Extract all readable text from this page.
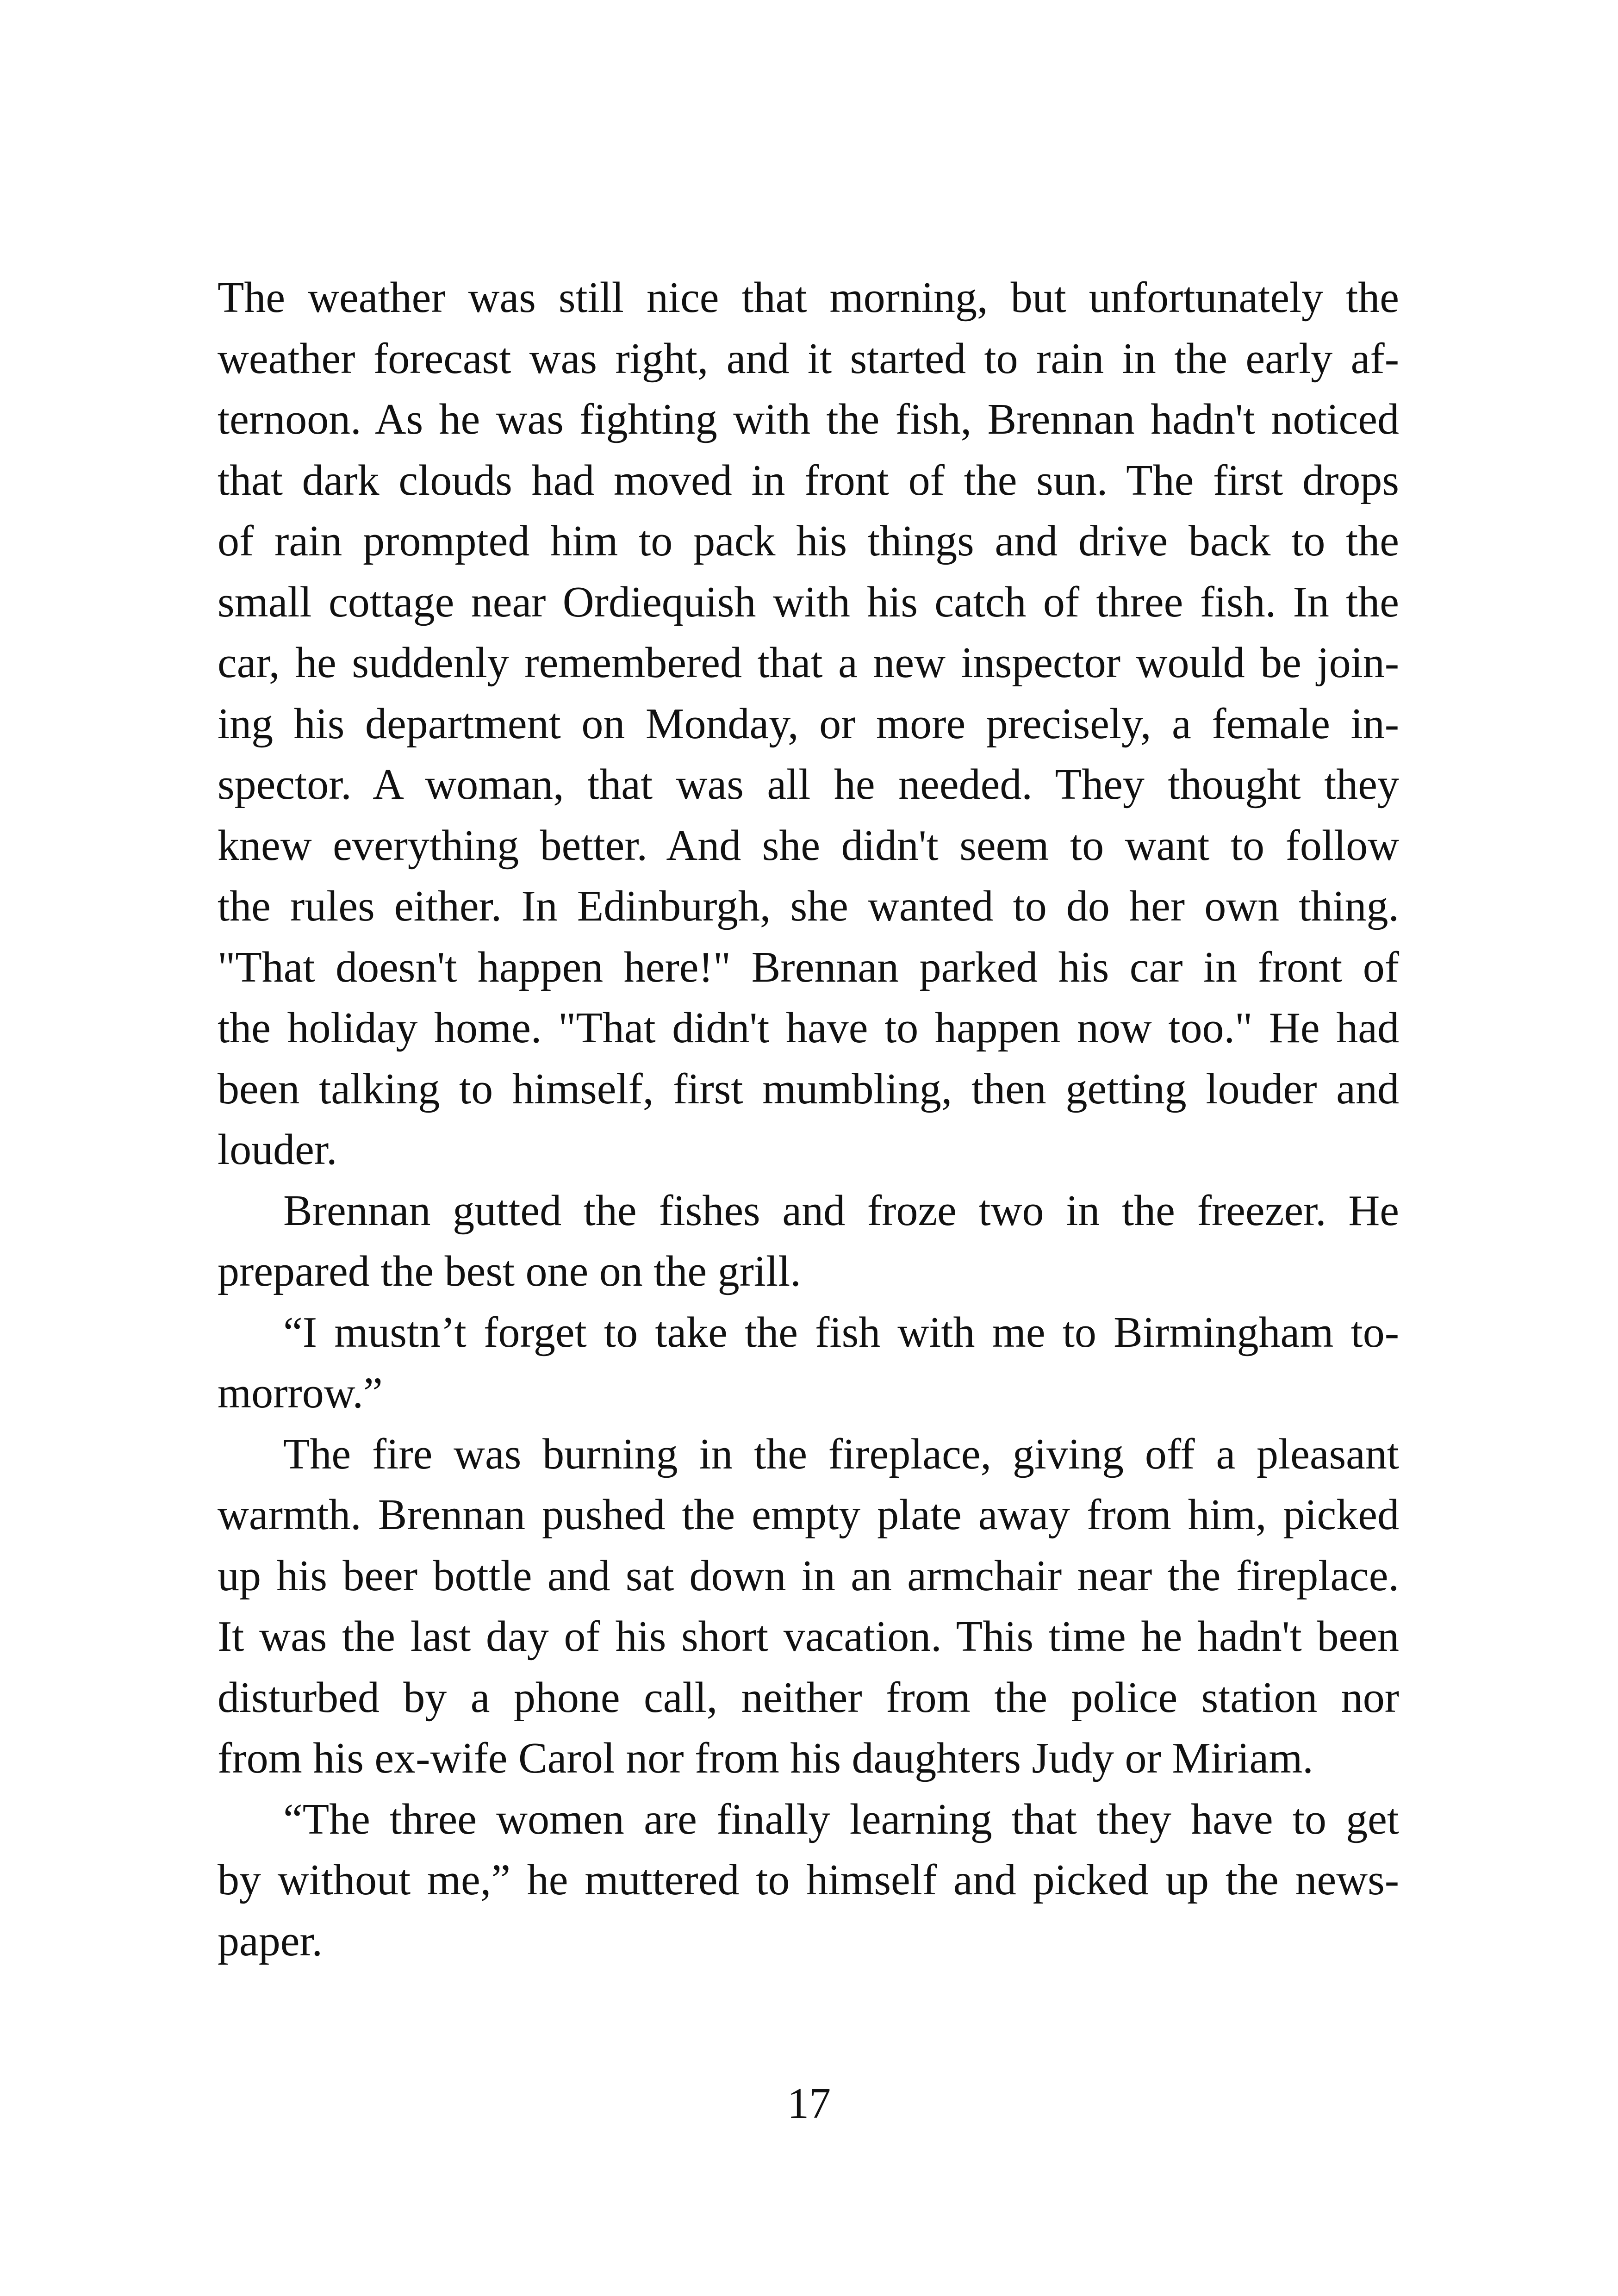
The weather was still nice that morning, but unfortunately the
weather forecast was right, and it started to rain in the early af-
ternoon. As he was fighting with the fish, Brennan hadn't noticed
that dark clouds had moved in front of the sun. The first drops
of rain prompted him to pack his things and drive back to the
small cottage near Ordiequish with his catch of three fish. In the
car, he suddenly remembered that a new inspector would be join-
ing his department on Monday, or more precisely, a female in-
spector. A woman, that was all he needed. They thought they
knew everything better. And she didn't seem to want to follow
the rules either. In Edinburgh, she wanted to do her own thing.
"That doesn't happen here!" Brennan parked his car in front of
the holiday home. "That didn't have to happen now too." He had
been talking to himself, first mumbling, then getting louder and
louder.

Brennan gutted the fishes and froze two in the freezer. He
prepared the best one on the grill.

“I mustn’t forget to take the fish with me to Birmingham to-
morrow.”

The fire was burning in the fireplace, giving off a pleasant
warmth. Brennan pushed the empty plate away from him, picked
up his beer bottle and sat down in an armchair near the fireplace.
It was the last day of his short vacation. This time he hadn't been
disturbed by a phone call, neither from the police station nor
from his ex-wife Carol nor from his daughters Judy or Miriam.

“The three women are finally learning that they have to get
by without me,” he muttered to himself and picked up the news-
paper.

17
